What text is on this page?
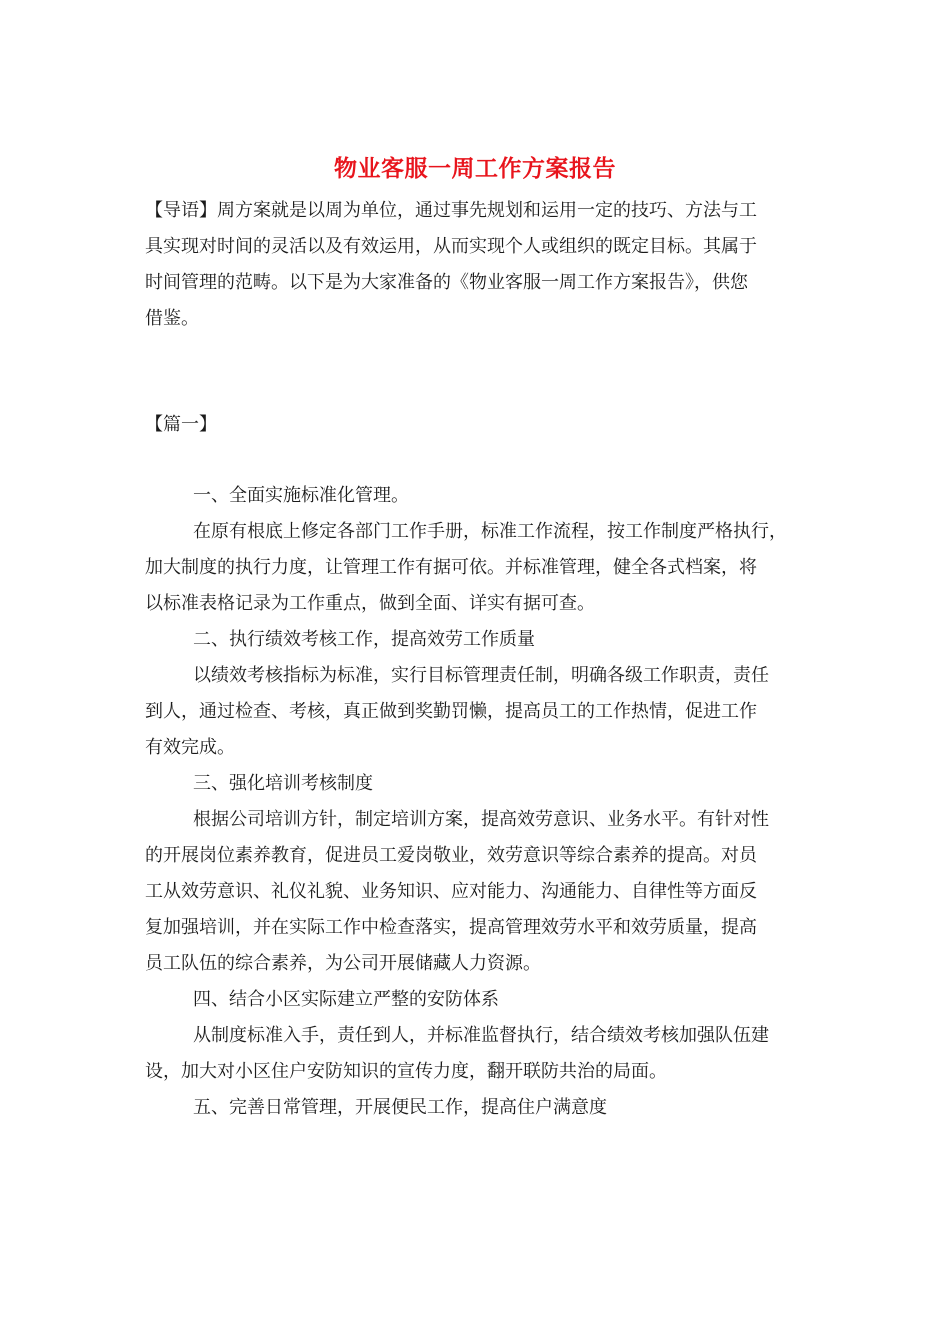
物业客服一周工作方案报告
【导语】周方案就是以周为单位，通过事先规划和运用一定的技巧、方法与工
具实现对时间的灵活以及有效运用，从而实现个人或组织的既定目标。其属于
时间管理的范畴。以下是为大家准备的《物业客服一周工作方案报告》，供您
借鉴。
【篇一】
一、全面实施标准化管理。
在原有根底上修定各部门工作手册，标准工作流程，按工作制度严格执行，
加大制度的执行力度，让管理工作有据可依。并标准管理，健全各式档案，将
以标准表格记录为工作重点，做到全面、详实有据可查。
二、执行绩效考核工作，提高效劳工作质量
以绩效考核指标为标准，实行目标管理责任制，明确各级工作职责，责任
到人，通过检查、考核，真正做到奖勤罚懒，提高员工的工作热情，促进工作
有效完成。
三、强化培训考核制度
根据公司培训方针，制定培训方案，提高效劳意识、业务水平。有针对性
的开展岗位素养教育，促进员工爱岗敬业，效劳意识等综合素养的提高。对员
工从效劳意识、礼仪礼貌、业务知识、应对能力、沟通能力、自律性等方面反
复加强培训，并在实际工作中检查落实，提高管理效劳水平和效劳质量，提高
员工队伍的综合素养，为公司开展储藏人力资源。
四、结合小区实际建立严整的安防体系
从制度标准入手，责任到人，并标准监督执行，结合绩效考核加强队伍建
设，加大对小区住户安防知识的宣传力度，翻开联防共治的局面。
五、完善日常管理，开展便民工作，提高住户满意度
